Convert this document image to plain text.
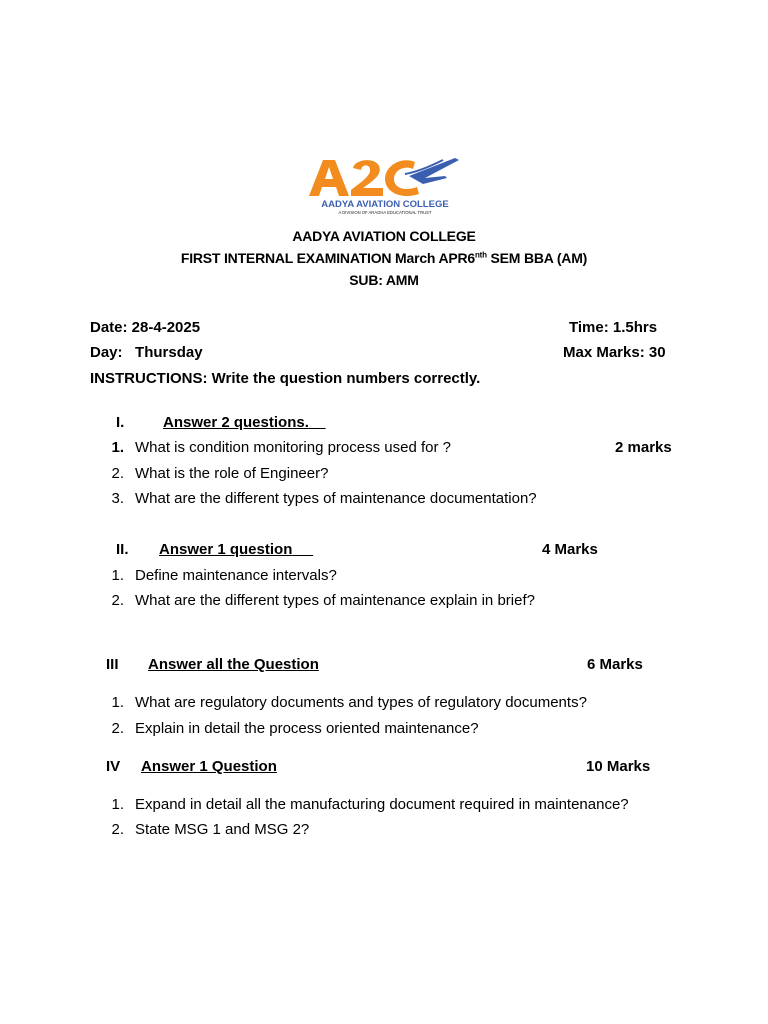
AADYA AVIATION COLLEGE
A DIVISION OF ARAGHA EDUCATIONAL TRUST
AADYA AVIATION COLLEGE
FIRST INTERNAL EXAMINATION March $APR6^{nth}$ SEM BBA (AM)
SUB: AMM
Date: 28-4-2025	Time: 1.5hrs
Day: Thursday	Max Marks: 30
INSTRUCTIONS: Write the question numbers correctly.
I.	Answer 2 questions.
1. What is condition monitoring process used for ?	2 marks
2. What is the role of Engineer?
3. What are the different types of maintenance documentation?
II. Answer 1 question	4 Marks
1. Define maintenance intervals?
2. What are the different types of maintenance explain in brief?
III Answer all the Question	6 Marks
1. What are regulatory documents and types of regulatory documents?
2. Explain in detail the process oriented maintenance?
IV Answer 1 Question	10 Marks
1. Expand in detail all the manufacturing document required in maintenance?
2. State MSG 1 and MSG 2?
